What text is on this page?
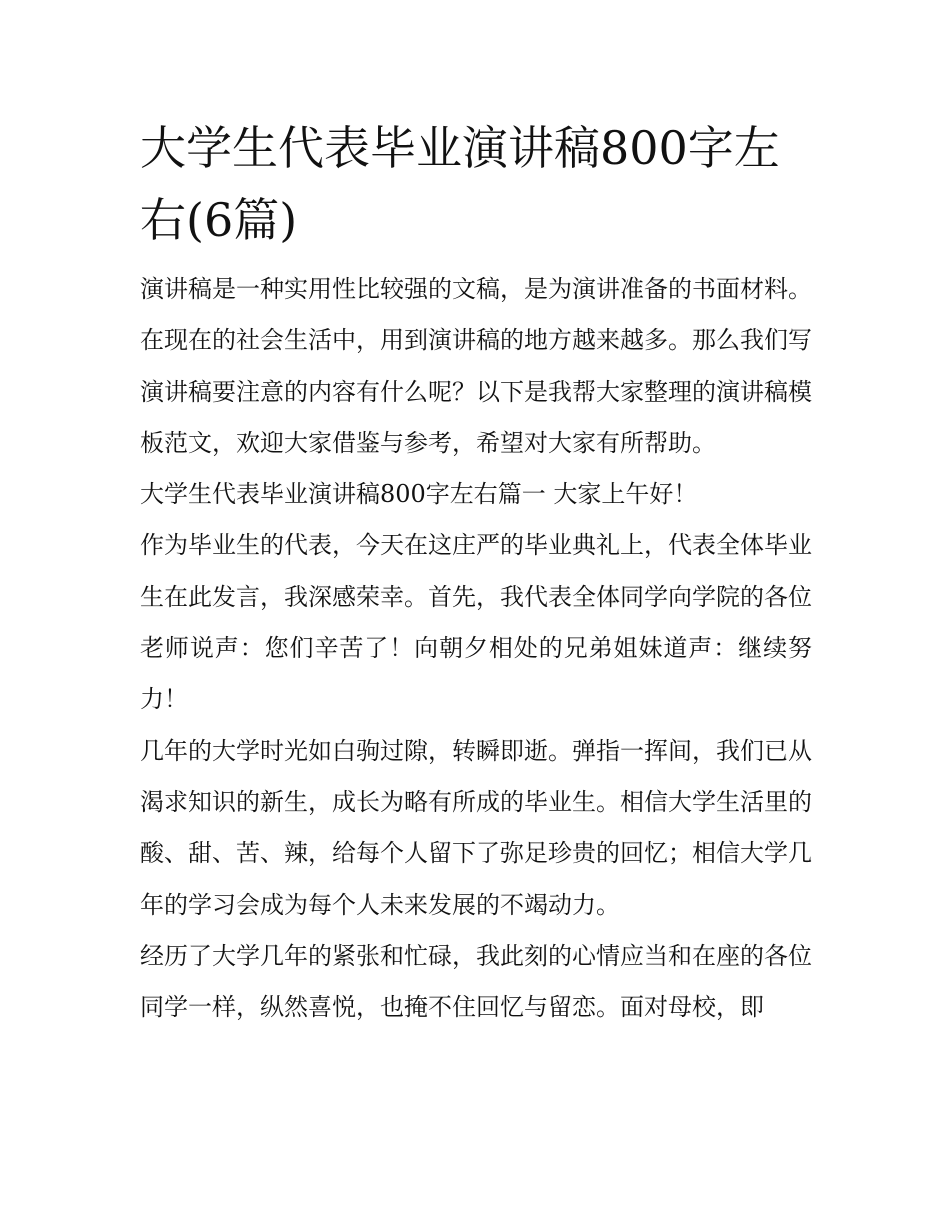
大学生代表毕业演讲稿800字左右(6篇)

演讲稿是一种实用性比较强的文稿，是为演讲准备的书面材料。在现在的社会生活中，用到演讲稿的地方越来越多。那么我们写演讲稿要注意的内容有什么呢？以下是我帮大家整理的演讲稿模板范文，欢迎大家借鉴与参考，希望对大家有所帮助。

大学生代表毕业演讲稿800字左右篇一 大家上午好！

作为毕业生的代表，今天在这庄严的毕业典礼上，代表全体毕业生在此发言，我深感荣幸。首先，我代表全体同学向学院的各位老师说声：您们辛苦了！向朝夕相处的兄弟姐妹道声：继续努力！

几年的大学时光如白驹过隙，转瞬即逝。弹指一挥间，我们已从渴求知识的新生，成长为略有所成的毕业生。相信大学生活里的酸、甜、苦、辣，给每个人留下了弥足珍贵的回忆；相信大学几年的学习会成为每个人未来发展的不竭动力。

经历了大学几年的紧张和忙碌，我此刻的心情应当和在座的各位同学一样，纵然喜悦，也掩不住回忆与留恋。面对母校，即
